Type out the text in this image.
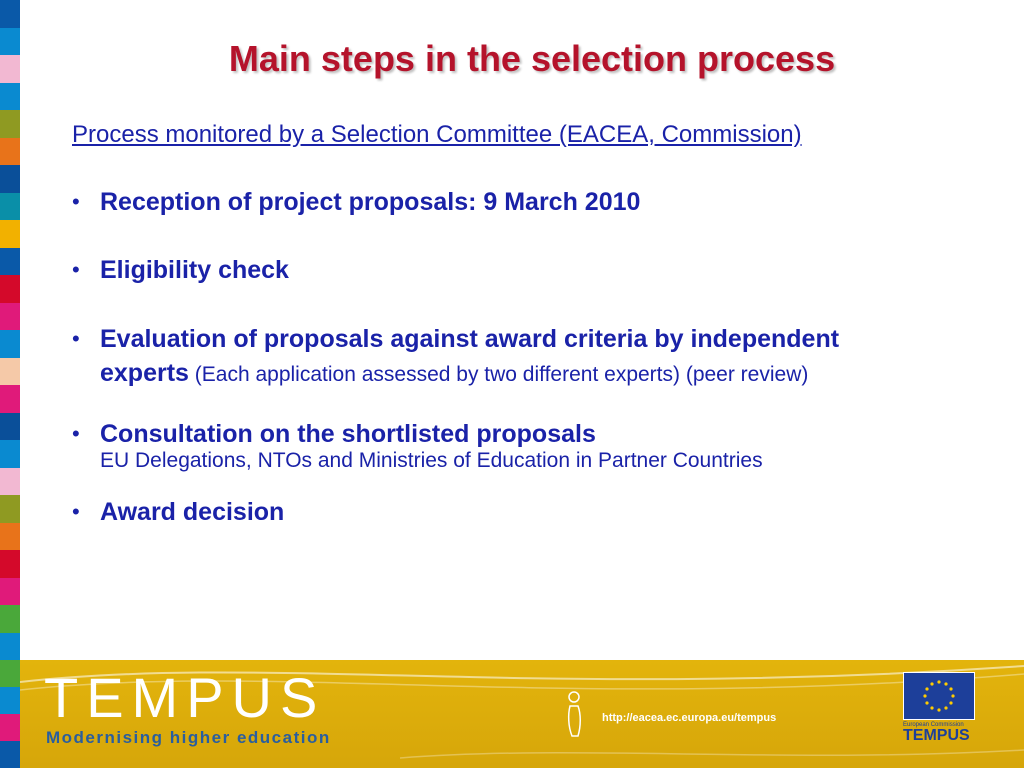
Main steps in the selection process

Process monitored by a Selection Committee (EACEA, Commission)

• Reception of project proposals: 9 March 2010
• Eligibility check
• Evaluation of proposals against award criteria by independent
experts (Each application assessed by two different experts) (peer review)
• Consultation on the shortlisted proposals
EU Delegations, NTOs and Ministries of Education in Partner Countries
• Award decision

TEMPUS

Modernising higher education

http://eacea.ec.europa.eu/tempus

European Commission

TEMPUS
